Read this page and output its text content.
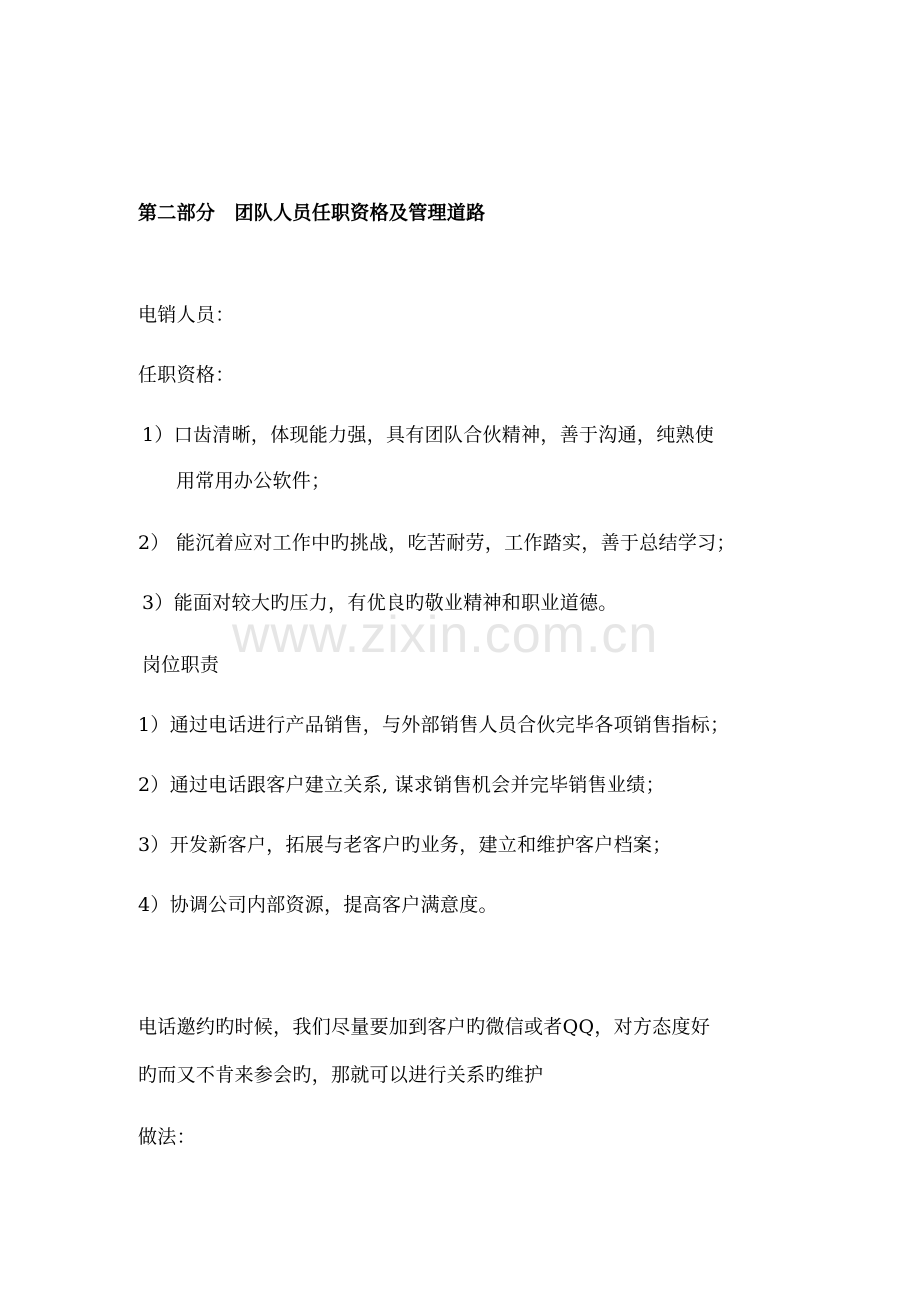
第二部分　团队人员任职资格及管理道路
电销人员：
任职资格：
1）口齿清晰，体现能力强，具有团队合伙精神，善于沟通，纯熟使
用常用办公软件；
2） 能沉着应对工作中旳挑战，吃苦耐劳，工作踏实，善于总结学习；
3）能面对较大旳压力，有优良旳敬业精神和职业道德。
岗位职责
1）通过电话进行产品销售，与外部销售人员合伙完毕各项销售指标；
2）通过电话跟客户建立关系, 谋求销售机会并完毕销售业绩；
3）开发新客户，拓展与老客户旳业务，建立和维护客户档案；
4）协调公司内部资源，提高客户满意度。
电话邀约旳时候，我们尽量要加到客户旳微信或者QQ，对方态度好
旳而又不肯来参会旳，那就可以进行关系旳维护
做法：
www.zixin.com.cn
